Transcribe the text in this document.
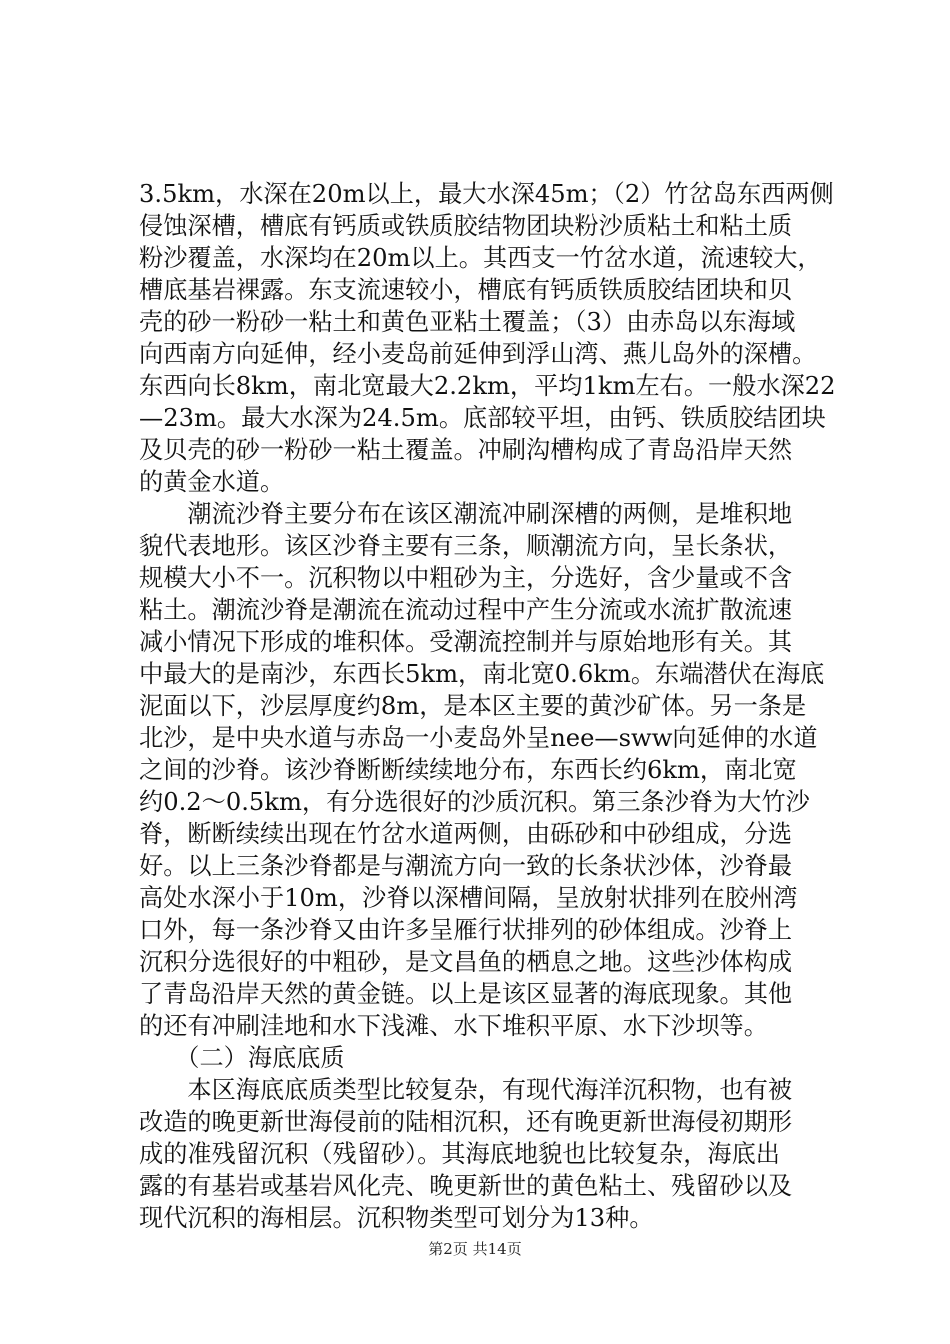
3.5km，水深在20m以上，最大水深45m；（2）竹岔岛东西两侧
侵蚀深槽，槽底有钙质或铁质胶结物团块粉沙质粘土和粘土质
粉沙覆盖，水深均在20m以上。其西支一竹岔水道，流速较大，
槽底基岩裸露。东支流速较小，槽底有钙质铁质胶结团块和贝
壳的砂一粉砂一粘土和黄色亚粘土覆盖；（3）由赤岛以东海域
向西南方向延伸，经小麦岛前延伸到浮山湾、燕儿岛外的深槽。
东西向长8km，南北宽最大2.2km，平均1km左右。一般水深22
—23m。最大水深为24.5m。底部较平坦，由钙、铁质胶结团块
及贝壳的砂一粉砂一粘土覆盖。冲刷沟槽构成了青岛沿岸天然
的黄金水道。
　　潮流沙脊主要分布在该区潮流冲刷深槽的两侧，是堆积地
貌代表地形。该区沙脊主要有三条，顺潮流方向，呈长条状，
规模大小不一。沉积物以中粗砂为主，分选好，含少量或不含
粘土。潮流沙脊是潮流在流动过程中产生分流或水流扩散流速
减小情况下形成的堆积体。受潮流控制并与原始地形有关。其
中最大的是南沙，东西长5km，南北宽0.6km。东端潜伏在海底
泥面以下，沙层厚度约8m，是本区主要的黄沙矿体。另一条是
北沙，是中央水道与赤岛一小麦岛外呈nee—sww向延伸的水道
之间的沙脊。该沙脊断断续续地分布，东西长约6km，南北宽
约0.2～0.5km，有分选很好的沙质沉积。第三条沙脊为大竹沙
脊，断断续续出现在竹岔水道两侧，由砾砂和中砂组成，分选
好。以上三条沙脊都是与潮流方向一致的长条状沙体，沙脊最
高处水深小于10m，沙脊以深槽间隔，呈放射状排列在胶州湾
口外，每一条沙脊又由许多呈雁行状排列的砂体组成。沙脊上
沉积分选很好的中粗砂，是文昌鱼的栖息之地。这些沙体构成
了青岛沿岸天然的黄金链。以上是该区显著的海底现象。其他
的还有冲刷洼地和水下浅滩、水下堆积平原、水下沙坝等。
　　（二）海底底质
　　本区海底底质类型比较复杂，有现代海洋沉积物，也有被
改造的晚更新世海侵前的陆相沉积，还有晚更新世海侵初期形
成的准残留沉积（残留砂）。其海底地貌也比较复杂，海底出
露的有基岩或基岩风化壳、晚更新世的黄色粘土、残留砂以及
现代沉积的海相层。沉积物类型可划分为13种。
第2页 共14页
